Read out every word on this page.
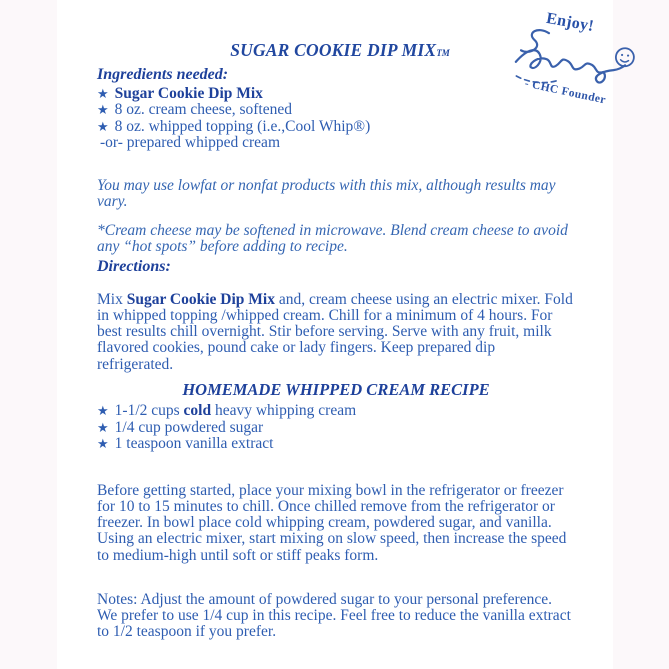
SUGAR COOKIE DIP MIXTM
Enjoy!
- CHC Founder
Ingredients needed:
★ Sugar Cookie Dip Mix
★ 8 oz. cream cheese, softened
★ 8 oz. whipped topping (i.e.,Cool Whip®)
-or- prepared whipped cream

You may use lowfat or nonfat products with this mix, although results may vary.

*Cream cheese may be softened in microwave. Blend cream cheese to avoid any “hot spots” before adding to recipe.

Directions:

Mix Sugar Cookie Dip Mix and, cream cheese using an electric mixer. Fold in whipped topping /whipped cream. Chill for a minimum of 4 hours. For best results chill overnight. Stir before serving. Serve with any fruit, milk flavored cookies, pound cake or lady fingers. Keep prepared dip refrigerated.

HOMEMADE WHIPPED CREAM RECIPE
★ 1-1/2 cups cold heavy whipping cream
★ 1/4 cup powdered sugar
★ 1 teaspoon vanilla extract

Before getting started, place your mixing bowl in the refrigerator or freezer for 10 to 15 minutes to chill. Once chilled remove from the refrigerator or freezer. In bowl place cold whipping cream, powdered sugar, and vanilla. Using an electric mixer, start mixing on slow speed, then increase the speed to medium-high until soft or stiff peaks form.

Notes: Adjust the amount of powdered sugar to your personal preference. We prefer to use 1/4 cup in this recipe. Feel free to reduce the vanilla extract to 1/2 teaspoon if you prefer.
